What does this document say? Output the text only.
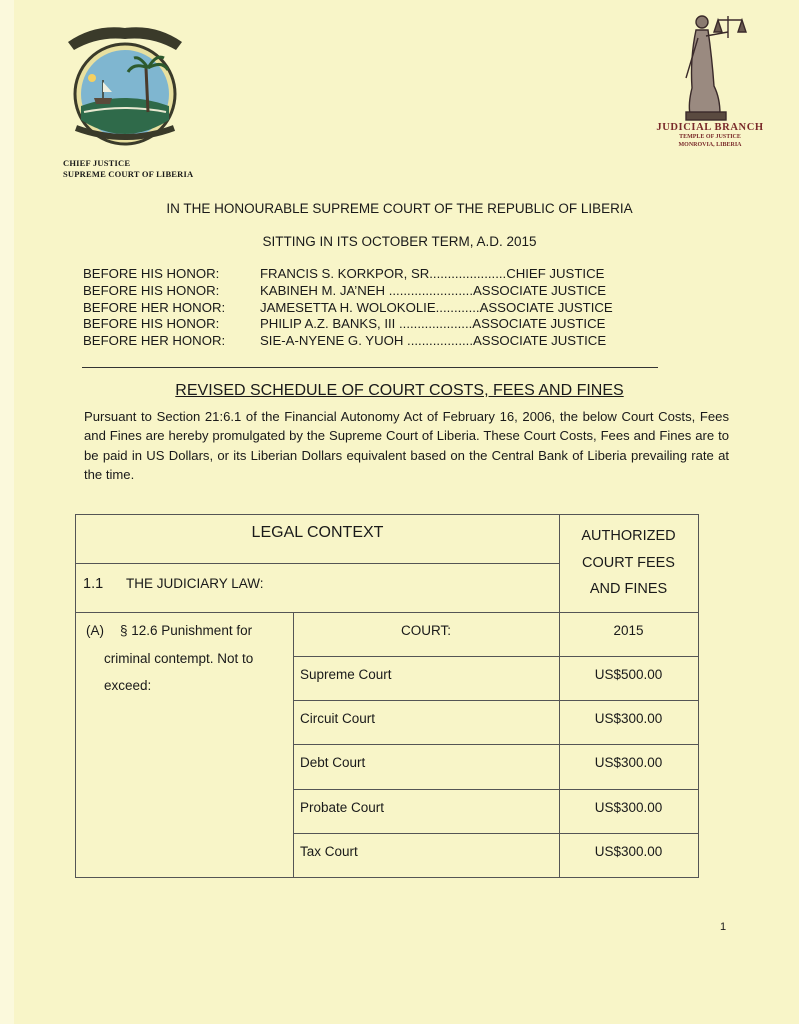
CHIEF JUSTICE
SUPREME COURT OF LIBERIA
JUDICIAL BRANCH
TEMPLE OF JUSTICE
MONROVIA, LIBERIA
IN THE HONOURABLE SUPREME COURT OF THE REPUBLIC OF LIBERIA
SITTING IN ITS OCTOBER TERM, A.D. 2015
BEFORE HIS HONOR:	FRANCIS S. KORKPOR, SR.....................CHIEF JUSTICE
BEFORE HIS HONOR:	KABINEH M. JA’NEH .......................ASSOCIATE JUSTICE
BEFORE HER HONOR:	JAMESETTA H. WOLOKOLIE............ASSOCIATE JUSTICE
BEFORE HIS HONOR:	PHILIP A.Z. BANKS, III ....................ASSOCIATE JUSTICE
BEFORE HER HONOR:	SIE-A-NYENE G. YUOH ..................ASSOCIATE JUSTICE
REVISED SCHEDULE OF COURT COSTS, FEES AND FINES
Pursuant to Section 21:6.1 of the Financial Autonomy Act of February 16, 2006, the below Court Costs, Fees and Fines are hereby promulgated by the Supreme Court of Liberia. These Court Costs, Fees and Fines are to be paid in US Dollars, or its Liberian Dollars equivalent based on the Central Bank of Liberia prevailing rate at the time.
LEGAL CONTEXT	AUTHORIZED
COURT FEES
AND FINES
1.1 THE JUDICIARY LAW:
(A) § 12.6 Punishment for
criminal contempt. Not to
exceed:
COURT:	2015
Supreme Court	US$500.00
Circuit Court	US$300.00
Debt Court	US$300.00
Probate Court	US$300.00
Tax Court	US$300.00
1
